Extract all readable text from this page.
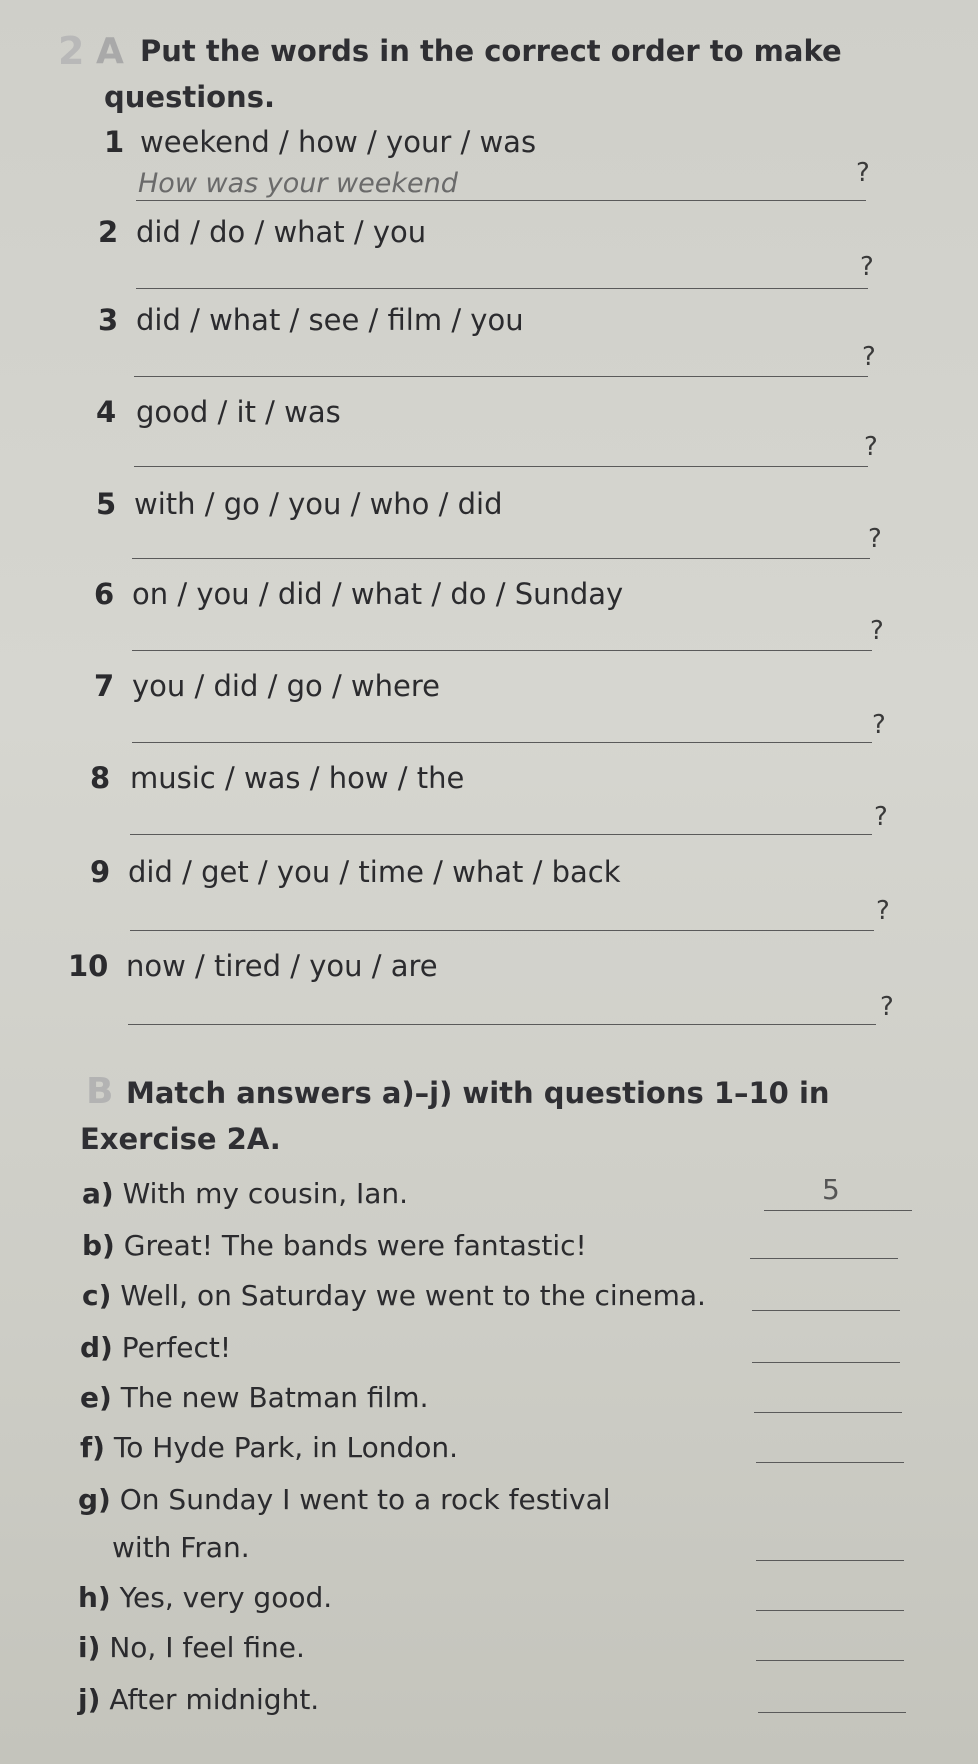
2 A Put the words in the correct order to make
questions.
1 weekend / how / your / was
How was your weekend	?
2 did / do / what / you
?
3 did / what / see / film / you
?
4 good / it / was
?
5 with / go / you / who / did
?
6 on / you / did / what / do / Sunday
?
7 you / did / go / where
?
8 music / was / how / the
?
9 did / get / you / time / what / back
?
10 now / tired / you / are
?
B Match answers a)–j) with questions 1–10 in
Exercise 2A.
a) With my cousin, Ian.	5
b) Great! The bands were fantastic!
c) Well, on Saturday we went to the cinema.
d) Perfect!
e) The new Batman film.
f) To Hyde Park, in London.
g) On Sunday I went to a rock festival
with Fran.
h) Yes, very good.
i) No, I feel fine.
j) After midnight.
